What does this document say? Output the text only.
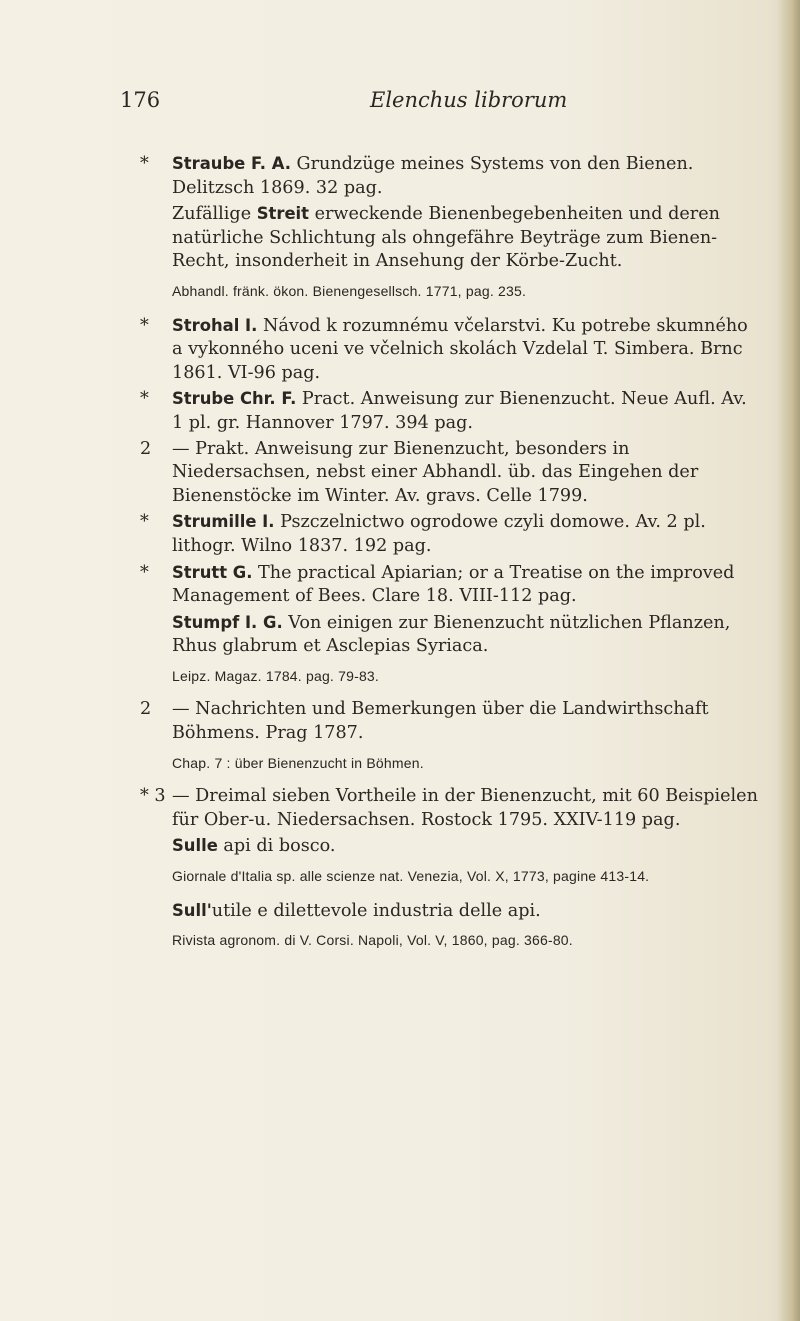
176	Elenchus librorum

* Straube F. A. Grundzüge meines Systems von den Bienen. Delitzsch 1869. 32 pag.

Zufällige Streit erweckende Bienenbegebenheiten und deren natürliche Schlichtung als ohngefähre Beyträge zum Bienen-Recht, insonderheit in Ansehung der Körbe-Zucht.

Abhandl. fränk. ökon. Bienengesellsch. 1771, pag. 235.

* Strohal I. Návod k rozumnému včelarstvi. Ku potrebe skumného a vykonného uceni ve včelnich skolách Vzdelal T. Simbera. Brnc 1861. VI-96 pag.

* Strube Chr. F. Pract. Anweisung zur Bienenzucht. Neue Aufl. Av. 1 pl. gr. Hannover 1797. 394 pag.

2 — Prakt. Anweisung zur Bienenzucht, besonders in Niedersachsen, nebst einer Abhandl. üb. das Eingehen der Bienenstöcke im Winter. Av. gravs. Celle 1799.

* Strumille I. Pszczelnictwo ogrodowe czyli domowe. Av. 2 pl. lithogr. Wilno 1837. 192 pag.

* Strutt G. The practical Apiarian; or a Treatise on the improved Management of Bees. Clare 18. VIII-112 pag.

Stumpf I. G. Von einigen zur Bienenzucht nützlichen Pflanzen, Rhus glabrum et Asclepias Syriaca.

Leipz. Magaz. 1784. pag. 79-83.

2 — Nachrichten und Bemerkungen über die Landwirthschaft Böhmens. Prag 1787.

Chap. 7 : über Bienenzucht in Böhmen.

* 3 — Dreimal sieben Vortheile in der Bienenzucht, mit 60 Beispielen für Ober-u. Niedersachsen. Rostock 1795. XXIV-119 pag.

Sulle api di bosco.

Giornale d'Italia sp. alle scienze nat. Venezia, Vol. X, 1773, pagine 413-14.

Sull'utile e dilettevole industria delle api.

Rivista agronom. di V. Corsi. Napoli, Vol. V, 1860, pag. 366-80.
